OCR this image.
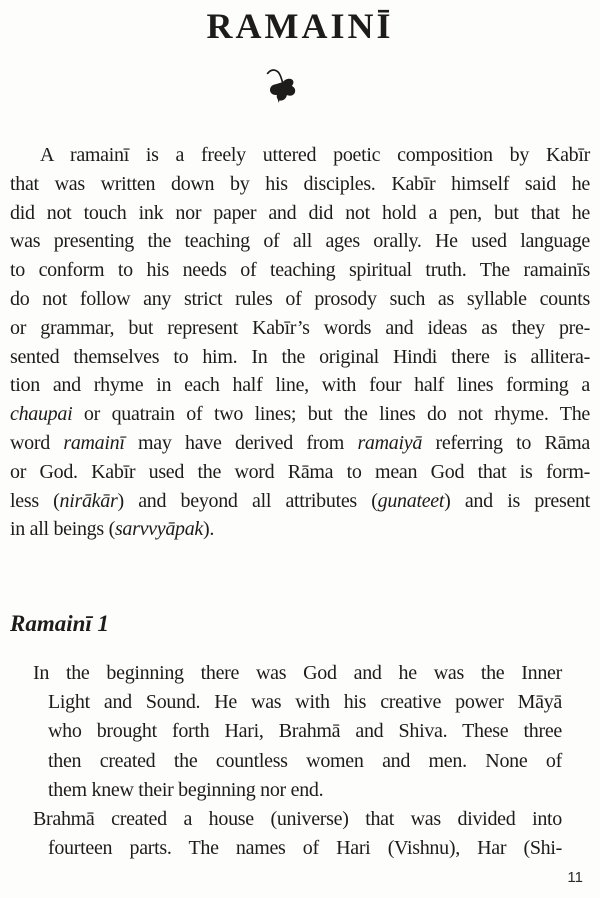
RAMAINĪ
A ramainī is a freely uttered poetic composition by Kabīr
that was written down by his disciples. Kabīr himself said he
did not touch ink nor paper and did not hold a pen, but that he
was presenting the teaching of all ages orally. He used language
to conform to his needs of teaching spiritual truth. The ramainīs
do not follow any strict rules of prosody such as syllable counts
or grammar, but represent Kabīr’s words and ideas as they pre-
sented themselves to him. In the original Hindi there is allitera-
tion and rhyme in each half line, with four half lines forming a
chaupai or quatrain of two lines; but the lines do not rhyme. The
word ramainī may have derived from ramaiyā referring to Rāma
or God. Kabīr used the word Rāma to mean God that is form-
less (nirākār) and beyond all attributes (gunateet) and is present
in all beings (sarvvyāpak).
Ramainī 1
In the beginning there was God and he was the Inner
Light and Sound. He was with his creative power Māyā
who brought forth Hari, Brahmā and Shiva. These three
then created the countless women and men. None of
them knew their beginning nor end.
Brahmā created a house (universe) that was divided into
fourteen parts. The names of Hari (Vishnu), Har (Shi-
11
